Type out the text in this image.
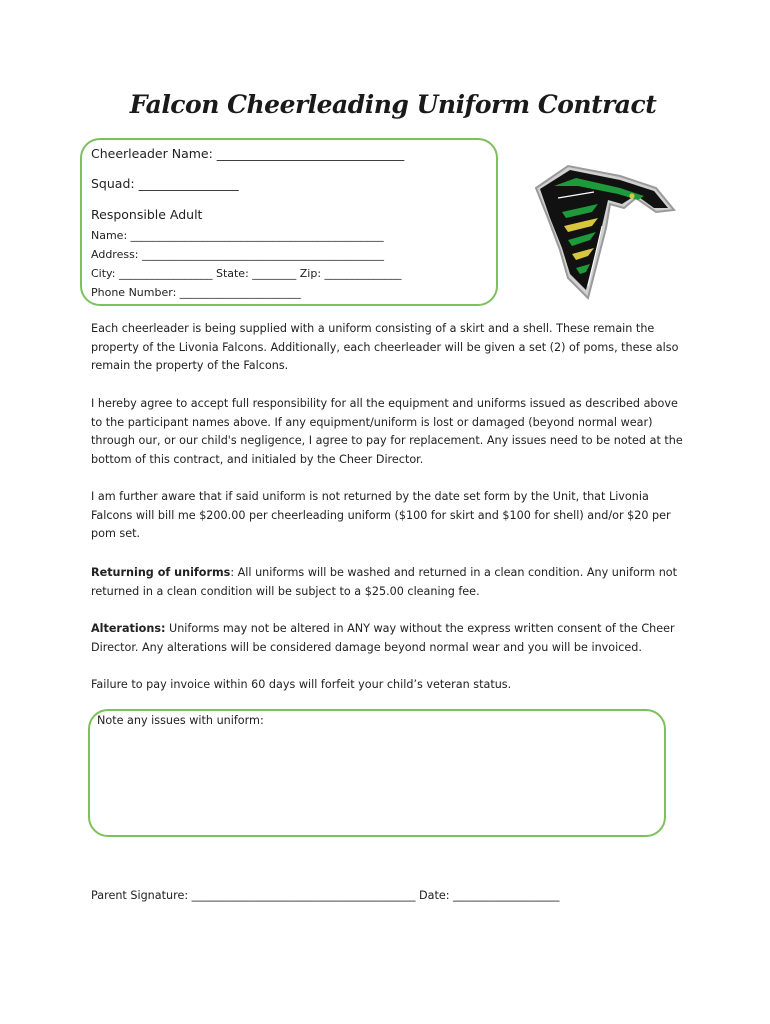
Falcon Cheerleading Uniform Contract
Cheerleader Name: ______________________________
Squad: ________________
Responsible Adult
Name: ______________________________________________
Address: ____________________________________________
City: _________________ State: ________ Zip: ______________
Phone Number: ______________________

Each cheerleader is being supplied with a uniform consisting of a skirt and a shell. These remain the property of the Livonia Falcons. Additionally, each cheerleader will be given a set (2) of poms, these also remain the property of the Falcons.

I hereby agree to accept full responsibility for all the equipment and uniforms issued as described above to the participant names above. If any equipment/uniform is lost or damaged (beyond normal wear) through our, or our child's negligence, I agree to pay for replacement. Any issues need to be noted at the bottom of this contract, and initialed by the Cheer Director.

I am further aware that if said uniform is not returned by the date set form by the Unit, that Livonia Falcons will bill me $200.00 per cheerleading uniform ($100 for skirt and $100 for shell) and/or $20 per pom set.

Returning of uniforms: All uniforms will be washed and returned in a clean condition. Any uniform not returned in a clean condition will be subject to a $25.00 cleaning fee.

Alterations: Uniforms may not be altered in ANY way without the express written consent of the Cheer Director. Any alterations will be considered damage beyond normal wear and you will be invoiced.

Failure to pay invoice within 60 days will forfeit your child’s veteran status.

Note any issues with uniform:
Parent Signature: ________________________________________ Date: ___________________
